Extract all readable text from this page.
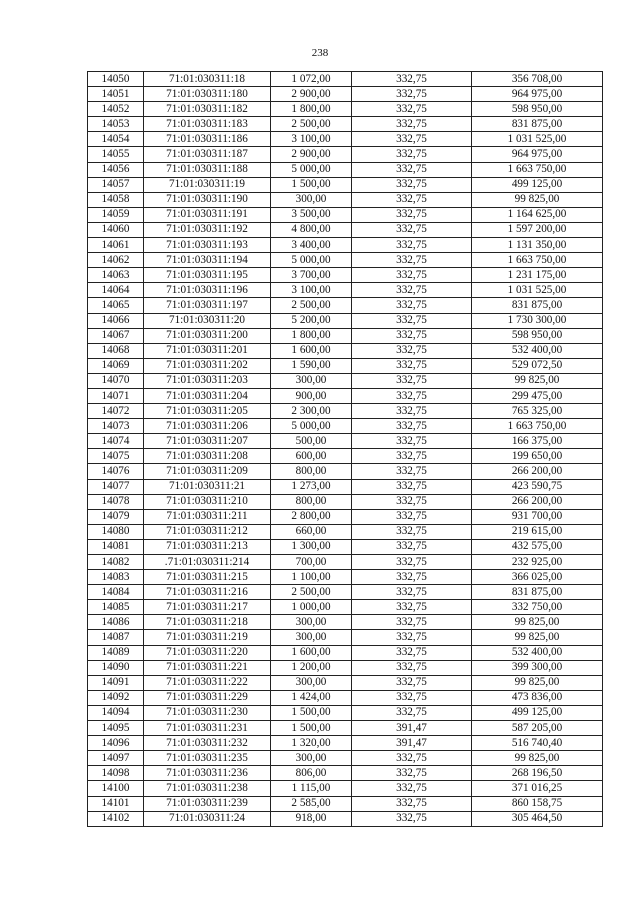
238
14050	71:01:030311:18	1 072,00	332,75	356 708,00
14051	71:01:030311:180	2 900,00	332,75	964 975,00
14052	71:01:030311:182	1 800,00	332,75	598 950,00
14053	71:01:030311:183	2 500,00	332,75	831 875,00
14054	71:01:030311:186	3 100,00	332,75	1 031 525,00
14055	71:01:030311:187	2 900,00	332,75	964 975,00
14056	71:01:030311:188	5 000,00	332,75	1 663 750,00
14057	71:01:030311:19	1 500,00	332,75	499 125,00
14058	71:01:030311:190	300,00	332,75	99 825,00
14059	71:01:030311:191	3 500,00	332,75	1 164 625,00
14060	71:01:030311:192	4 800,00	332,75	1 597 200,00
14061	71:01:030311:193	3 400,00	332,75	1 131 350,00
14062	71:01:030311:194	5 000,00	332,75	1 663 750,00
14063	71:01:030311:195	3 700,00	332,75	1 231 175,00
14064	71:01:030311:196	3 100,00	332,75	1 031 525,00
14065	71:01:030311:197	2 500,00	332,75	831 875,00
14066	71:01:030311:20	5 200,00	332,75	1 730 300,00
14067	71:01:030311:200	1 800,00	332,75	598 950,00
14068	71:01:030311:201	1 600,00	332,75	532 400,00
14069	71:01:030311:202	1 590,00	332,75	529 072,50
14070	71:01:030311:203	300,00	332,75	99 825,00
14071	71:01:030311:204	900,00	332,75	299 475,00
14072	71:01:030311:205	2 300,00	332,75	765 325,00
14073	71:01:030311:206	5 000,00	332,75	1 663 750,00
14074	71:01:030311:207	500,00	332,75	166 375,00
14075	71:01:030311:208	600,00	332,75	199 650,00
14076	71:01:030311:209	800,00	332,75	266 200,00
14077	71:01:030311:21	1 273,00	332,75	423 590,75
14078	71:01:030311:210	800,00	332,75	266 200,00
14079	71:01:030311:211	2 800,00	332,75	931 700,00
14080	71:01:030311:212	660,00	332,75	219 615,00
14081	71:01:030311:213	1 300,00	332,75	432 575,00
14082	.71:01:030311:214	700,00	332,75	232 925,00
14083	71:01:030311:215	1 100,00	332,75	366 025,00
14084	71:01:030311:216	2 500,00	332,75	831 875,00
14085	71:01:030311:217	1 000,00	332,75	332 750,00
14086	71:01:030311:218	300,00	332,75	99 825,00
14087	71:01:030311:219	300,00	332,75	99 825,00
14089	71:01:030311:220	1 600,00	332,75	532 400,00
14090	71:01:030311:221	1 200,00	332,75	399 300,00
14091	71:01:030311:222	300,00	332,75	99 825,00
14092	71:01:030311:229	1 424,00	332,75	473 836,00
14094	71:01:030311:230	1 500,00	332,75	499 125,00
14095	71:01:030311:231	1 500,00	391,47	587 205,00
14096	71:01:030311:232	1 320,00	391,47	516 740,40
14097	71:01:030311:235	300,00	332,75	99 825,00
14098	71:01:030311:236	806,00	332,75	268 196,50
14100	71:01:030311:238	1 115,00	332,75	371 016,25
14101	71:01:030311:239	2 585,00	332,75	860 158,75
14102	71:01:030311:24	918,00	332,75	305 464,50
